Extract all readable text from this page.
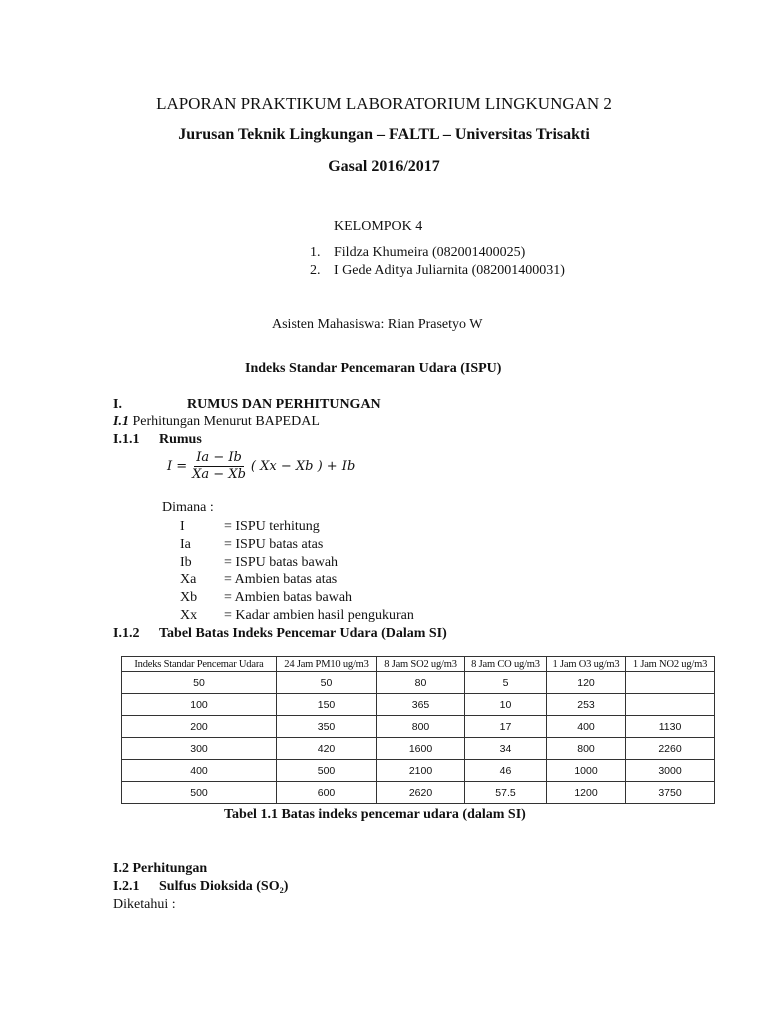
LAPORAN PRAKTIKUM LABORATORIUM LINGKUNGAN 2
Jurusan Teknik Lingkungan – FALTL – Universitas Trisakti
Gasal 2016/2017
KELOMPOK 4
1. Fildza Khumeira (082001400025)
2. I Gede Aditya Juliarnita (082001400031)
Asisten Mahasiswa: Rian Prasetyo W
Indeks Standar Pencemaran Udara (ISPU)
I.	RUMUS DAN PERHITUNGAN
I.1 Perhitungan Menurut BAPEDAL
I.1.1 Rumus
$I = \frac{Ia - Ib}{Xa - Xb}$ ( Xx − Xb ) + Ib
Dimana :
I	= ISPU terhitung
Ia = ISPU batas atas
Ib = ISPU batas bawah
Xa = Ambien batas atas
Xb = Ambien batas bawah
Xx = Kadar ambien hasil pengukuran
I.1.2 Tabel Batas Indeks Pencemar Udara (Dalam SI)
Indeks Standar Pencemar Udara	24 Jam PM10 ug/m3	8 Jam SO2 ug/m3	8 Jam CO ug/m3	1 Jam O3 ug/m3	1 Jam NO2 ug/m3
50	50	80	5	120	
100	150	365	10	253	
200	350	800	17	400	1130
300	420	1600	34	800	2260
400	500	2100	46	1000	3000
500	600	2620	57.5	1200	3750
Tabel 1.1 Batas indeks pencemar udara (dalam SI)
I.2 Perhitungan
I.2.1 Sulfus Dioksida (SO₂)
Diketahui :
